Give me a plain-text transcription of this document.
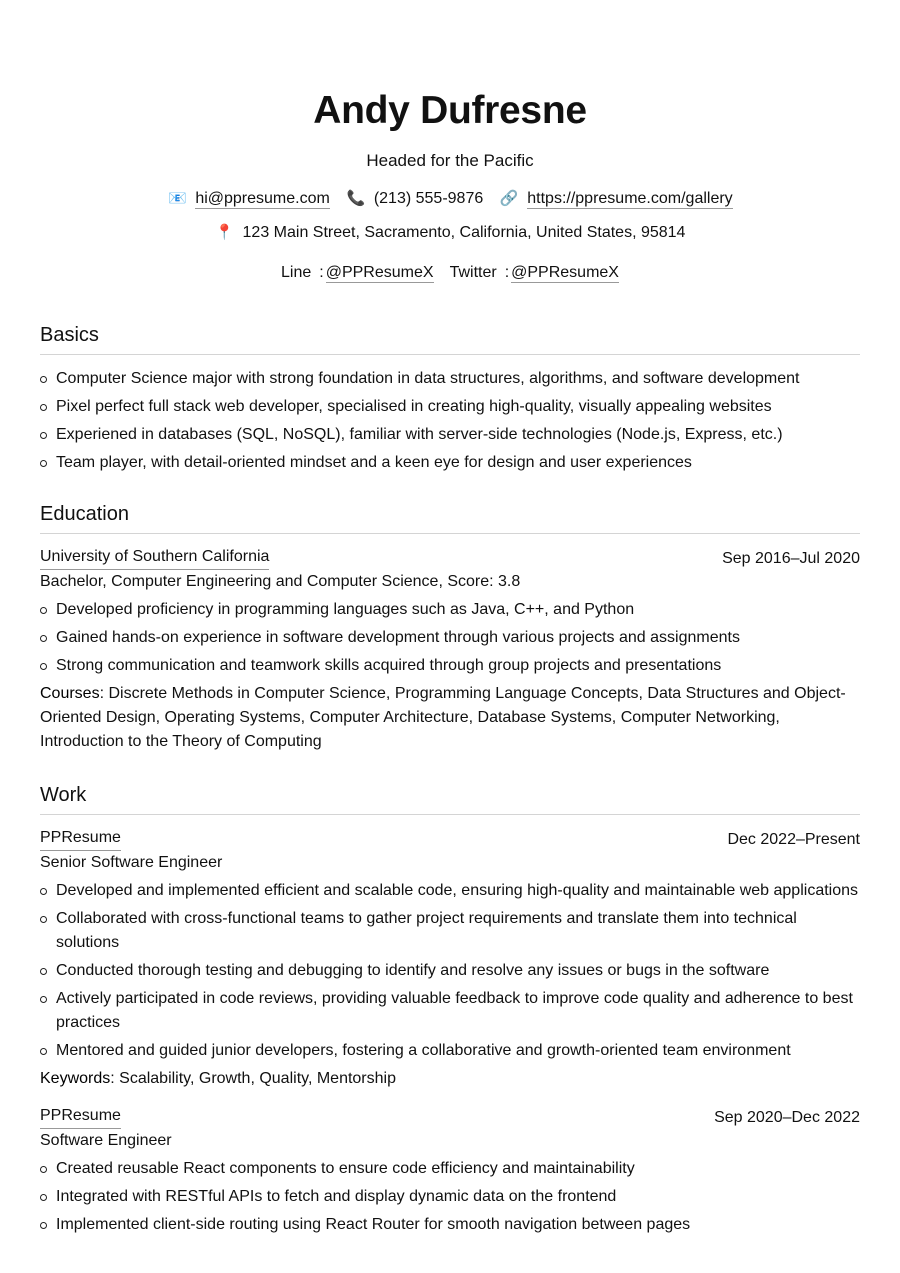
Andy Dufresne
Headed for the Pacific
📧 hi@ppresume.com 📞 (213) 555-9876 🔗 https://ppresume.com/gallery
📍 123 Main Street, Sacramento, California, United States, 95814
Line : @PPResumeX Twitter : @PPResumeX
Basics
Computer Science major with strong foundation in data structures, algorithms, and software development
Pixel perfect full stack web developer, specialised in creating high-quality, visually appealing websites
Experiened in databases (SQL, NoSQL), familiar with server-side technologies (Node.js, Express, etc.)
Team player, with detail-oriented mindset and a keen eye for design and user experiences
Education
University of Southern California	Sep 2016–Jul 2020
Bachelor, Computer Engineering and Computer Science, Score: 3.8
Developed proficiency in programming languages such as Java, C++, and Python
Gained hands-on experience in software development through various projects and assignments
Strong communication and teamwork skills acquired through group projects and presentations
Courses: Discrete Methods in Computer Science, Programming Language Concepts, Data Structures and Object-Oriented Design, Operating Systems, Computer Architecture, Database Systems, Computer Networking, Introduction to the Theory of Computing
Work
PPResume	Dec 2022–Present
Senior Software Engineer
Developed and implemented efficient and scalable code, ensuring high-quality and maintainable web applications
Collaborated with cross-functional teams to gather project requirements and translate them into technical solutions
Conducted thorough testing and debugging to identify and resolve any issues or bugs in the software
Actively participated in code reviews, providing valuable feedback to improve code quality and adherence to best practices
Mentored and guided junior developers, fostering a collaborative and growth-oriented team environment
Keywords: Scalability, Growth, Quality, Mentorship
PPResume	Sep 2020–Dec 2022
Software Engineer
Created reusable React components to ensure code efficiency and maintainability
Integrated with RESTful APIs to fetch and display dynamic data on the frontend
Implemented client-side routing using React Router for smooth navigation between pages
